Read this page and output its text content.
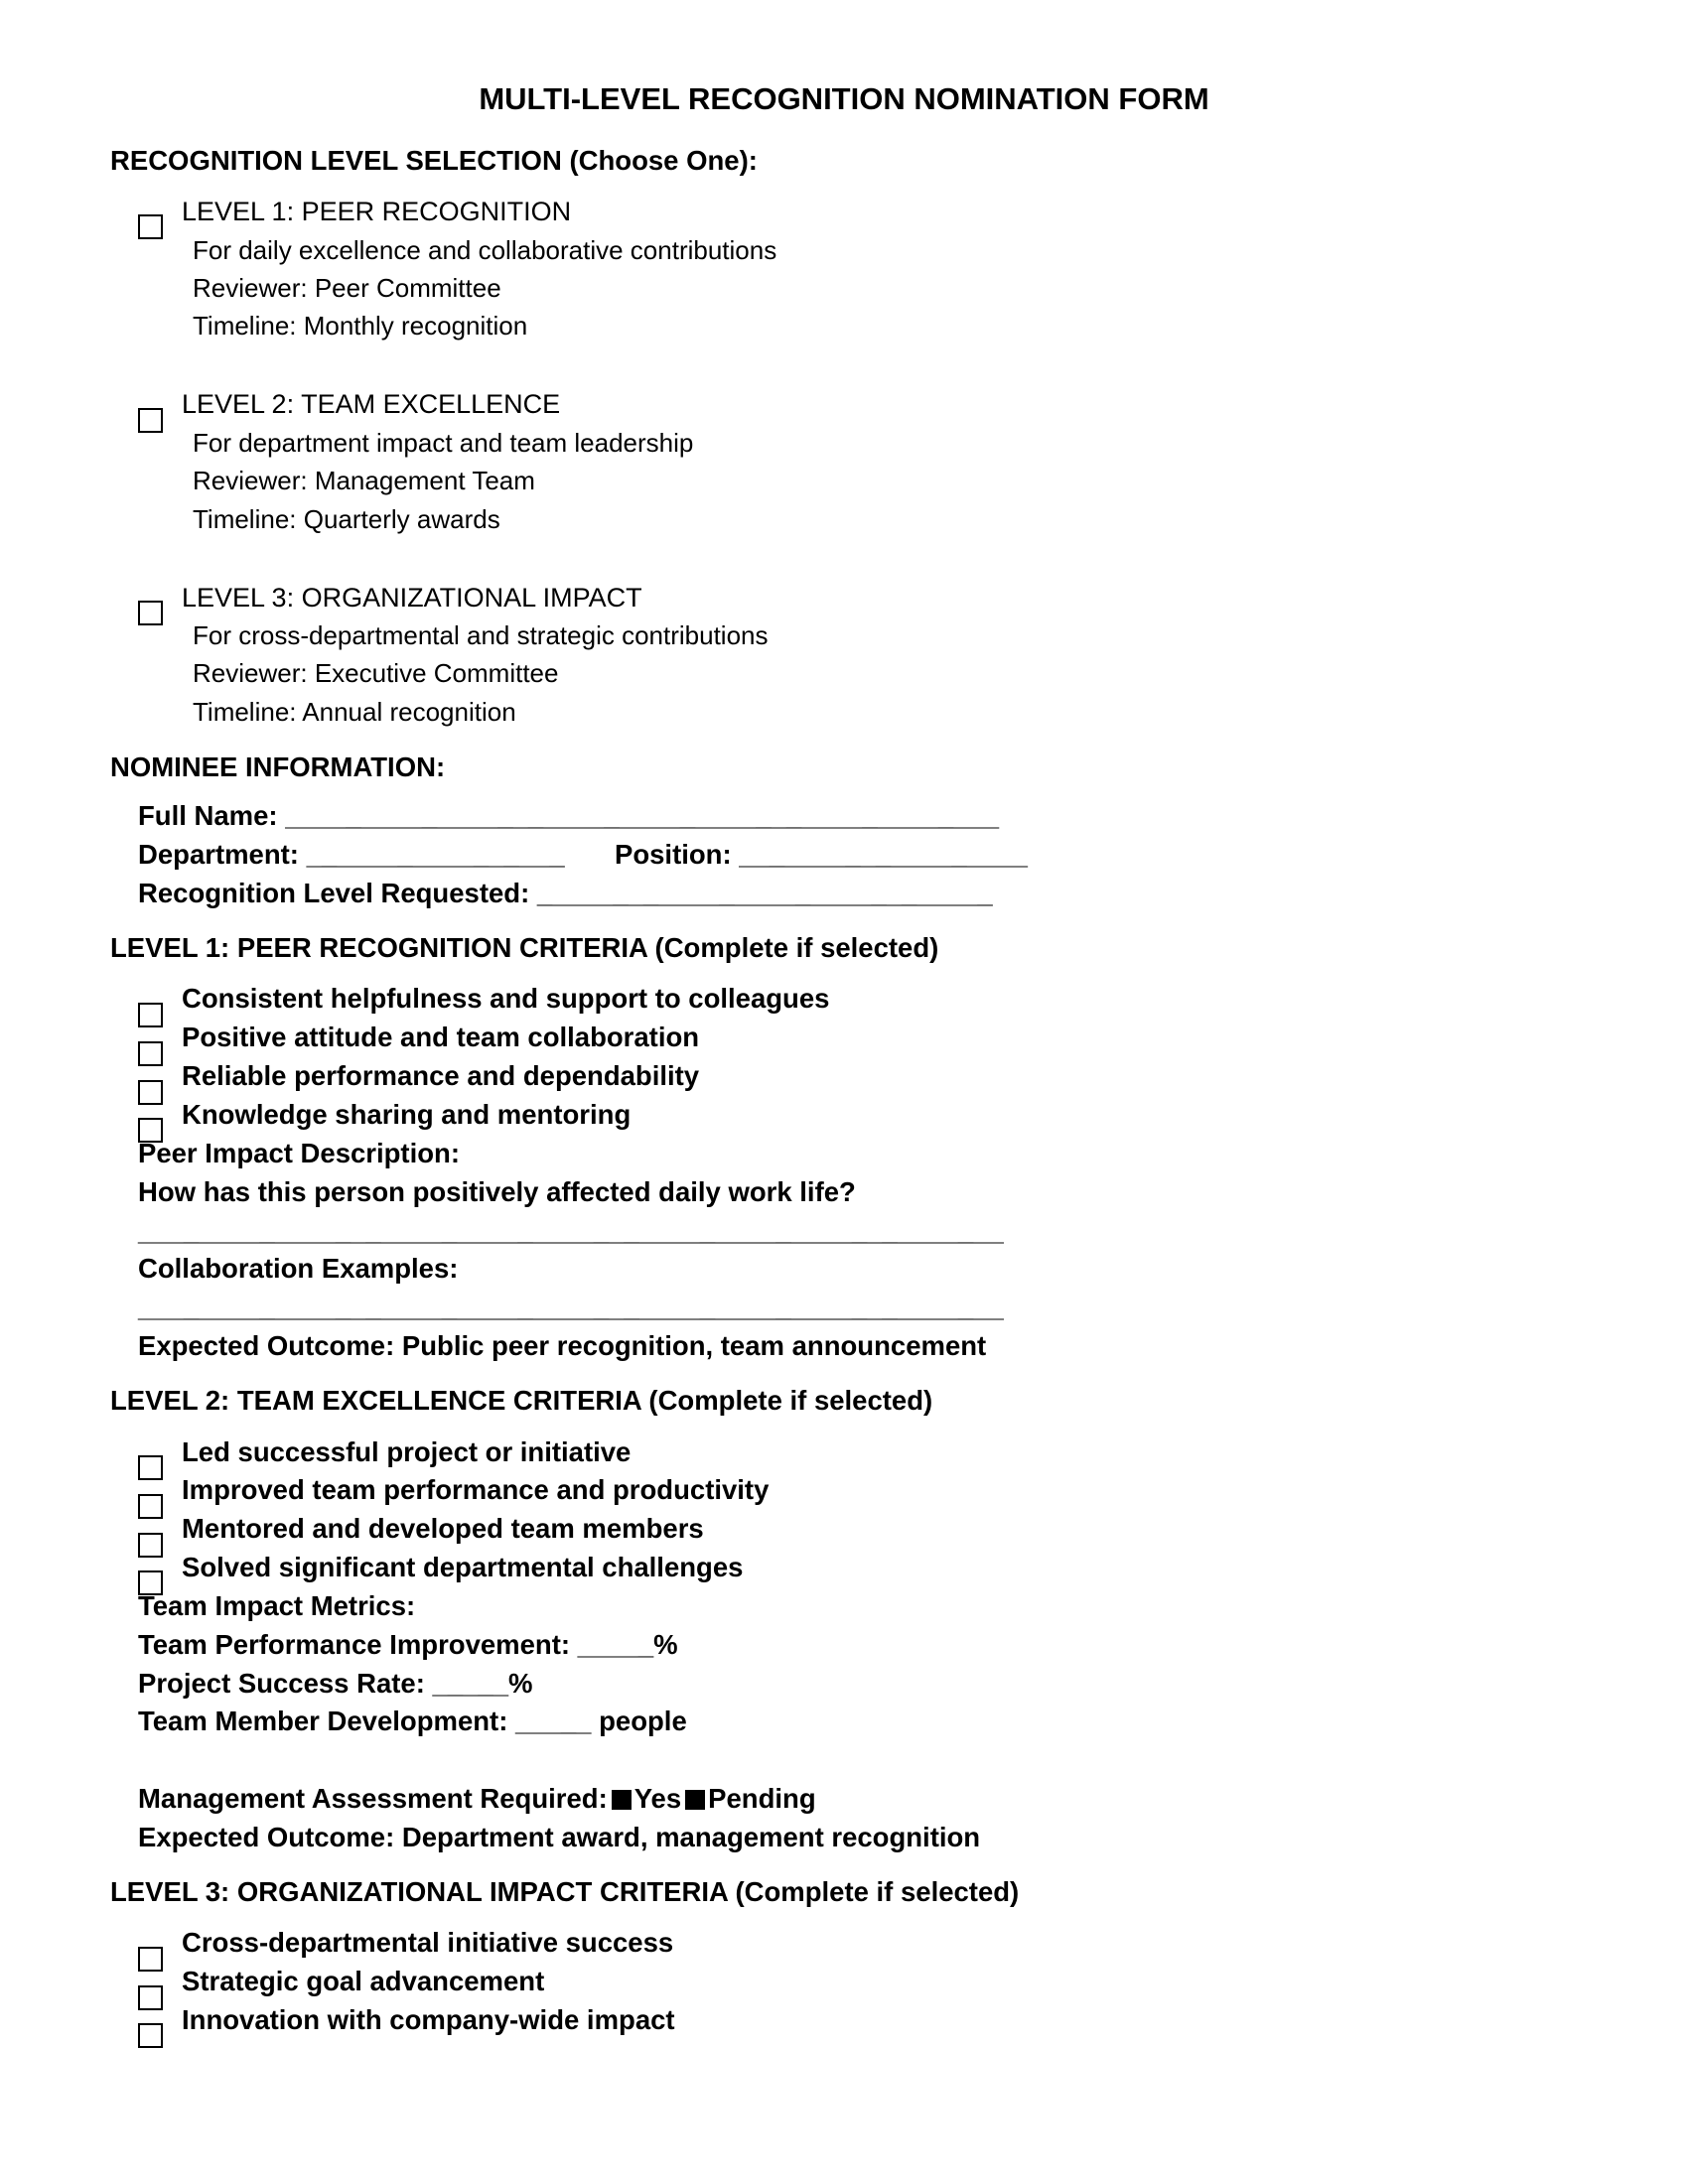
MULTI-LEVEL RECOGNITION NOMINATION FORM
RECOGNITION LEVEL SELECTION (Choose One):
LEVEL 1: PEER RECOGNITION
For daily excellence and collaborative contributions
Reviewer: Peer Committee
Timeline: Monthly recognition
LEVEL 2: TEAM EXCELLENCE
For department impact and team leadership
Reviewer: Management Team
Timeline: Quarterly awards
LEVEL 3: ORGANIZATIONAL IMPACT
For cross-departmental and strategic contributions
Reviewer: Executive Committee
Timeline: Annual recognition
NOMINEE INFORMATION:
Full Name: _______________________________________________
Department: _________________ Position: ___________________
Recognition Level Requested: ______________________________
LEVEL 1: PEER RECOGNITION CRITERIA (Complete if selected)
Consistent helpfulness and support to colleagues
Positive attitude and team collaboration
Reliable performance and dependability
Knowledge sharing and mentoring
Peer Impact Description:
How has this person positively affected daily work life?
_________________________________________________________
Collaboration Examples:
_________________________________________________________
Expected Outcome: Public peer recognition, team announcement
LEVEL 2: TEAM EXCELLENCE CRITERIA (Complete if selected)
Led successful project or initiative
Improved team performance and productivity
Mentored and developed team members
Solved significant departmental challenges
Team Impact Metrics:
Team Performance Improvement: _____%
Project Success Rate: _____%
Team Member Development: _____ people
Management Assessment Required: Yes Pending
Expected Outcome: Department award, management recognition
LEVEL 3: ORGANIZATIONAL IMPACT CRITERIA (Complete if selected)
Cross-departmental initiative success
Strategic goal advancement
Innovation with company-wide impact
